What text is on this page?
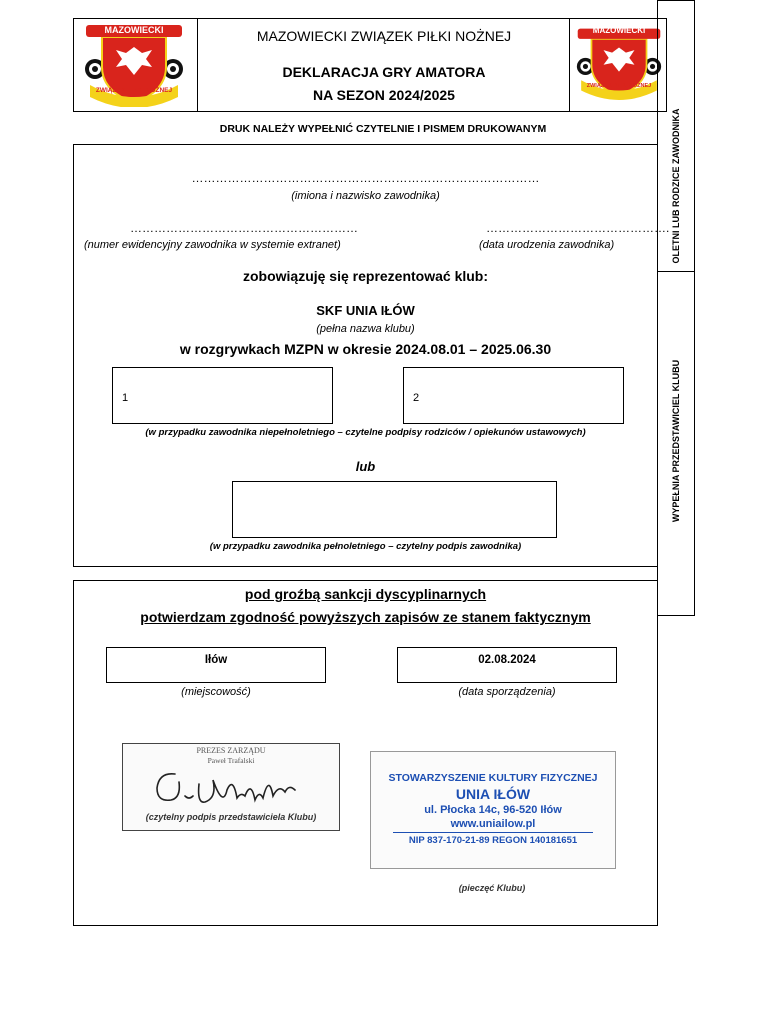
MAZOWIECKI
ZWIĄZEK PIŁKI NOŻNEJ
MAZOWIECKI ZWIĄZEK PIŁKI NOŻNEJ
DEKLARACJA GRY AMATORA
NA SEZON 2024/2025
MAZOWIECKI
ZWIĄZEK PIŁKI NOŻNEJ
OLETNI LUB RODZICE ZAWODNIKA
WYPEŁNIA PRZEDSTAWICIEL KLUBU
DRUK NALEŻY WYPEŁNIĆ CZYTELNIE I PISMEM DRUKOWANYM
……………………………………………………………………………
(imiona i nazwisko zawodnika)
…………………………………………………
(numer ewidencyjny zawodnika w systemie extranet)
……………………………………….
(data urodzenia zawodnika)
zobowiązuję się reprezentować klub:
SKF UNIA IŁÓW
(pełna nazwa klubu)
w rozgrywkach MZPN w okresie 2024.08.01 – 2025.06.30
1	2
(w przypadku zawodnika niepełnoletniego – czytelne podpisy rodziców / opiekunów ustawowych)
lub
(w przypadku zawodnika pełnoletniego – czytelny podpis zawodnika)
pod groźbą sankcji dyscyplinarnych
potwierdzam zgodność powyższych zapisów ze stanem faktycznym
Iłów
(miejscowość)
02.08.2024
(data sporządzenia)
PREZES ZARZĄDU
Paweł Trafalski
(czytelny podpis przedstawiciela Klubu)
STOWARZYSZENIE KULTURY FIZYCZNEJ
UNIA IŁÓW
ul. Płocka 14c, 96-520 Iłów
www.uniailow.pl
NIP 837-170-21-89 REGON 140181651
(pieczęć Klubu)
